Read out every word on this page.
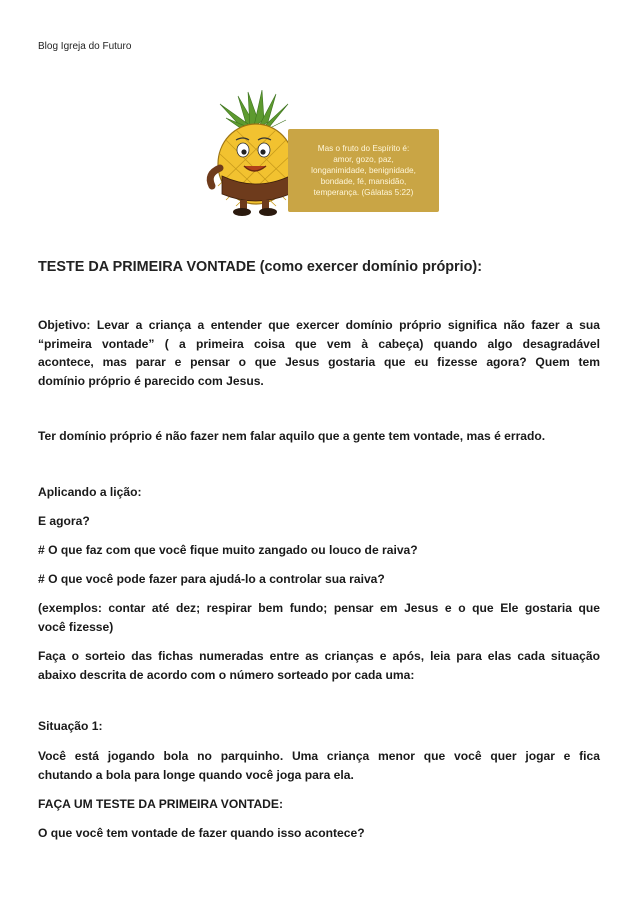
Blog Igreja do Futuro
Mas o fruto do Espírito é:
amor, gozo, paz,
longanimidade, benignidade,
bondade, fé, mansidão,
temperança. (Gálatas 5:22)
TESTE DA PRIMEIRA VONTADE (como exercer domínio próprio):
Objetivo: Levar a criança a entender que exercer domínio próprio significa não fazer a sua
“primeira vontade” ( a primeira coisa que vem à cabeça) quando algo desagradável
acontece, mas parar e pensar o que Jesus gostaria que eu fizesse agora? Quem tem
domínio próprio é parecido com Jesus.
Ter domínio próprio é não fazer nem falar aquilo que a gente tem vontade, mas é errado.
Aplicando a lição:
E agora?
# O que faz com que você fique muito zangado ou louco de raiva?
# O que você pode fazer para ajudá-lo a controlar sua raiva?
(exemplos: contar até dez; respirar bem fundo; pensar em Jesus e o que Ele gostaria que
você fizesse)
Faça o sorteio das fichas numeradas entre as crianças e após, leia para elas cada situação
abaixo descrita de acordo com o número sorteado por cada uma:
Situação 1:
Você está jogando bola no parquinho. Uma criança menor que você quer jogar e fica
chutando a bola para longe quando você joga para ela.
FAÇA UM TESTE DA PRIMEIRA VONTADE:
O que você tem vontade de fazer quando isso acontece?
